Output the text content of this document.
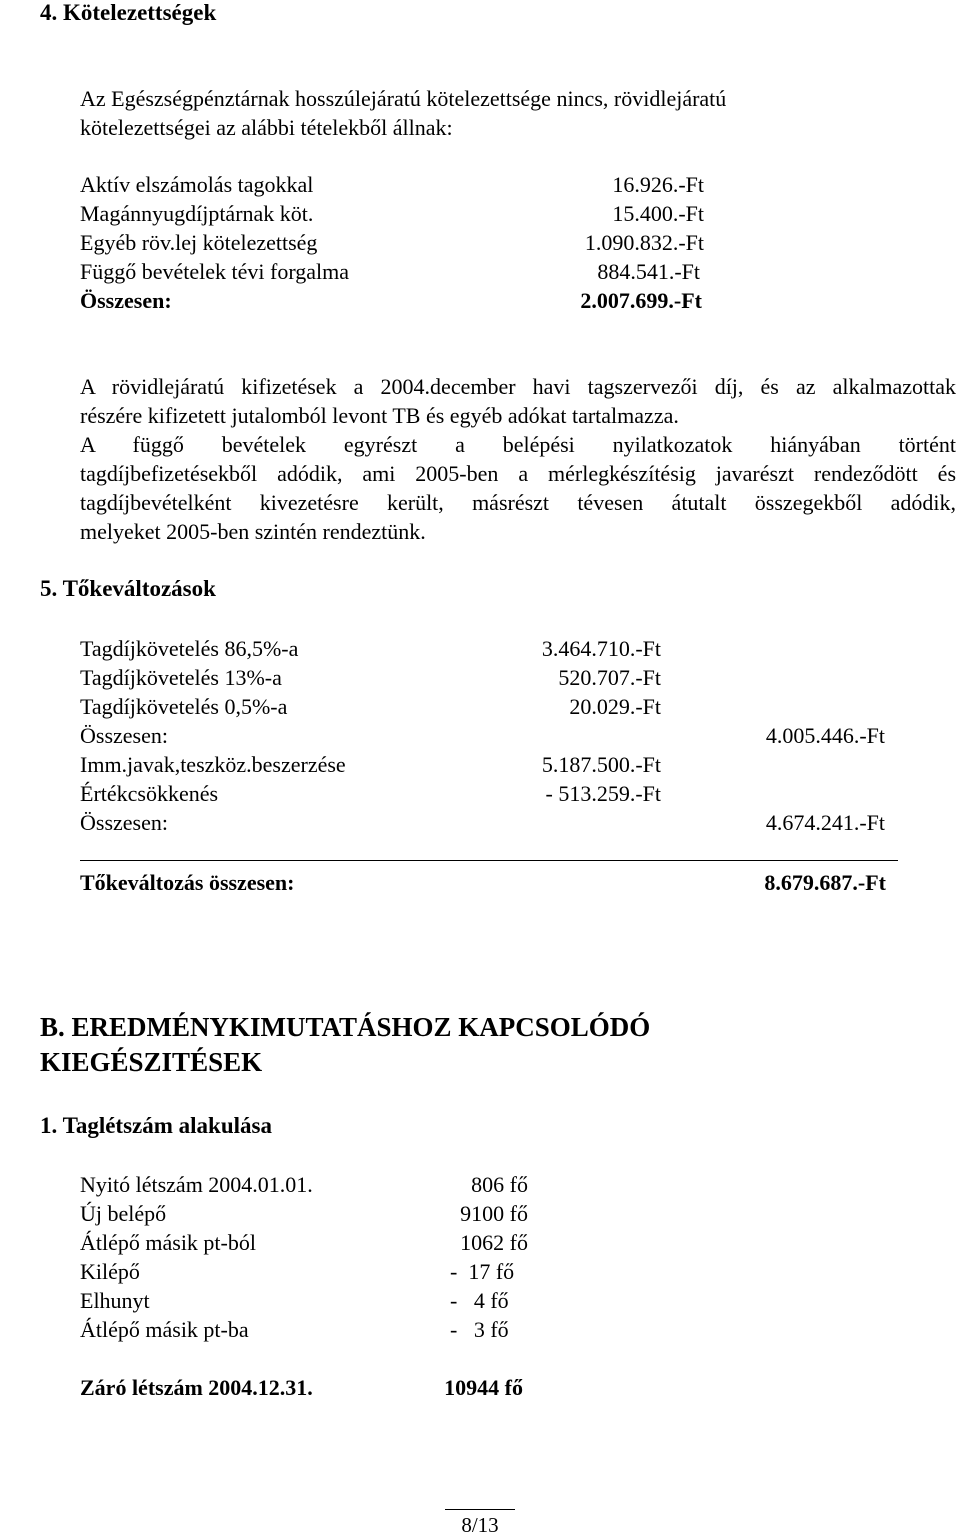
4. Kötelezettségek
Az Egészségpénztárnak hosszúlejáratú kötelezettsége nincs, rövidlejáratú
kötelezettségei az alábbi tételekből állnak:
Aktív elszámolás tagokkal	16.926.-Ft
Magánnyugdíjptárnak köt.	15.400.-Ft
Egyéb röv.lej kötelezettség	1.090.832.-Ft
Függő bevételek tévi forgalma	884.541.-Ft
Összesen:	2.007.699.-Ft
A rövidlejáratú kifizetések a 2004.december havi tagszervezői díj, és az alkalmazottak
részére kifizetett jutalomból levont TB és egyéb adókat tartalmazza.
A függő bevételek egyrészt a belépési nyilatkozatok hiányában történt
tagdíjbefizetésekből adódik, ami 2005-ben a mérlegkészítésig javarészt rendeződött és
tagdíjbevételként kivezetésre került, másrészt tévesen átutalt összegekből adódik,
melyeket 2005-ben szintén rendeztünk.
5. Tőkeváltozások
Tagdíjkövetelés 86,5%-a	3.464.710.-Ft
Tagdíjkövetelés 13%-a	520.707.-Ft
Tagdíjkövetelés 0,5%-a	20.029.-Ft
Összesen:	4.005.446.-Ft
Imm.javak,teszköz.beszerzése	5.187.500.-Ft
Értékcsökkenés	- 513.259.-Ft
Összesen:	4.674.241.-Ft
Tőkeváltozás összesen:	8.679.687.-Ft
B. EREDMÉNYKIMUTATÁSHOZ KAPCSOLÓDÓ
KIEGÉSZITÉSEK
1. Taglétszám alakulása
Nyitó létszám 2004.01.01.	806 fő
Új belépő	9100 fő
Átlépő másik pt-ból	1062 fő
Kilépő	-  17 fő
Elhunyt	-   4 fő
Átlépő másik pt-ba	-   3 fő
Záró létszám 2004.12.31.	10944 fő
8/13
